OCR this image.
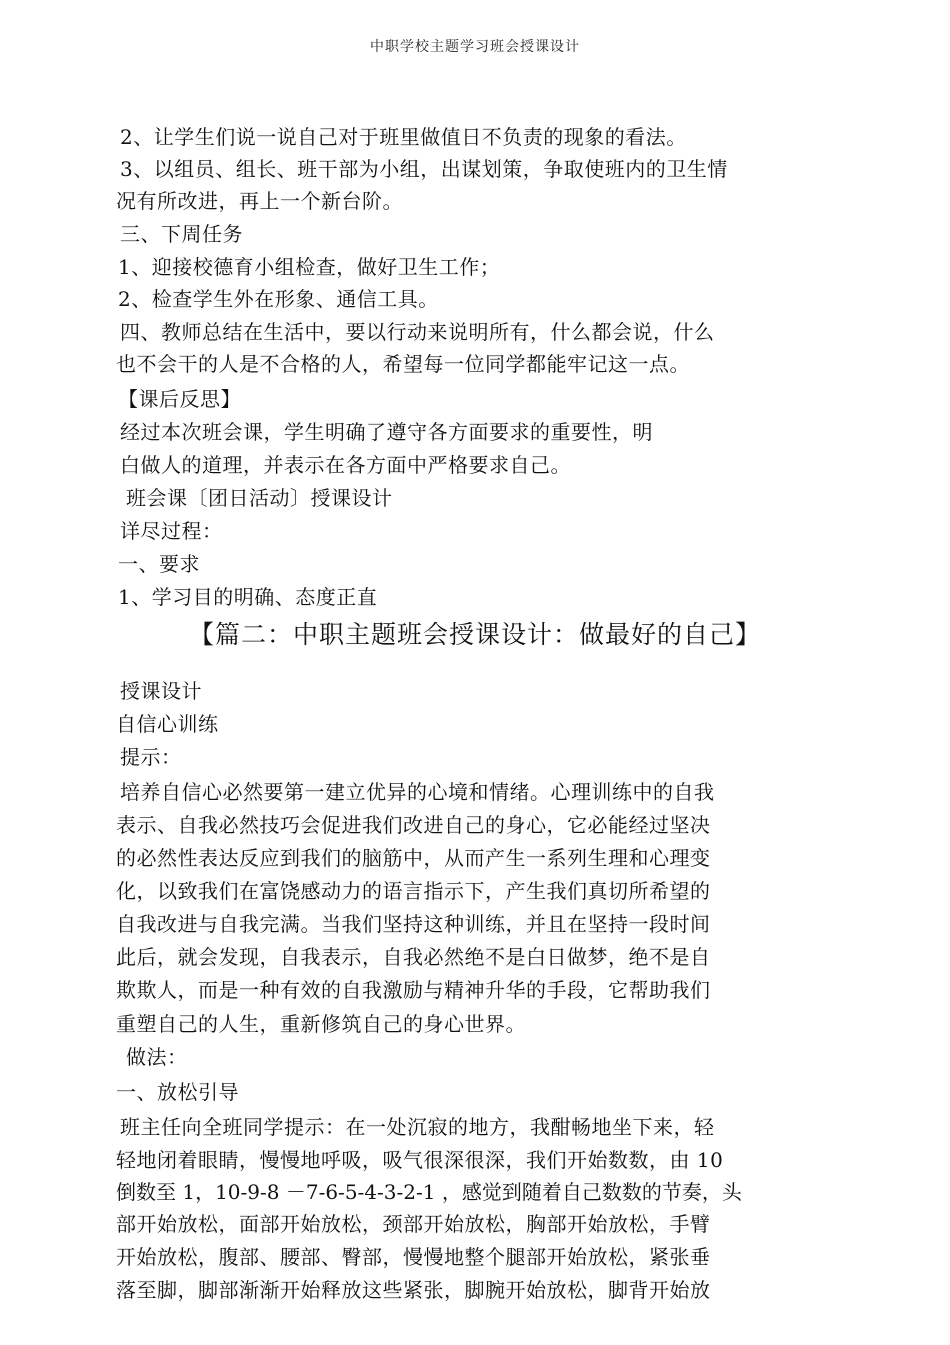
中职学校主题学习班会授课设计
2、让学生们说一说自己对于班里做值日不负责的现象的看法。
3、以组员、组长、班干部为小组，出谋划策，争取使班内的卫生情
况有所改进，再上一个新台阶。
三、下周任务
1、迎接校德育小组检查，做好卫生工作；
2、检查学生外在形象、通信工具。
四、教师总结在生活中，要以行动来说明所有，什么都会说，什么
也不会干的人是不合格的人，希望每一位同学都能牢记这一点。
【课后反思】
经过本次班会课，学生明确了遵守各方面要求的重要性，明
白做人的道理，并表示在各方面中严格要求自己。
班会课〔团日活动〕授课设计
详尽过程：
一、要求
1、学习目的明确、态度正直
【篇二：中职主题班会授课设计：做最好的自己】
授课设计
自信心训练
提示：
培养自信心必然要第一建立优异的心境和情绪。心理训练中的自我
表示、自我必然技巧会促进我们改进自己的身心，它必能经过坚决
的必然性表达反应到我们的脑筋中，从而产生一系列生理和心理变
化，以致我们在富饶感动力的语言指示下，产生我们真切所希望的
自我改进与自我完满。当我们坚持这种训练，并且在坚持一段时间
此后，就会发现，自我表示，自我必然绝不是白日做梦，绝不是自
欺欺人，而是一种有效的自我激励与精神升华的手段，它帮助我们
重塑自己的人生，重新修筑自己的身心世界。
做法：
一、放松引导
班主任向全班同学提示：在一处沉寂的地方，我酣畅地坐下来，轻
轻地闭着眼睛，慢慢地呼吸，吸气很深很深，我们开始数数，由 10
倒数至 1，10-9-8 －7-6-5-4-3-2-1 ，感觉到随着自己数数的节奏，头
部开始放松，面部开始放松，颈部开始放松，胸部开始放松，手臂
开始放松，腹部、腰部、臀部，慢慢地整个腿部开始放松，紧张垂
落至脚，脚部渐渐开始释放这些紧张，脚腕开始放松，脚背开始放
